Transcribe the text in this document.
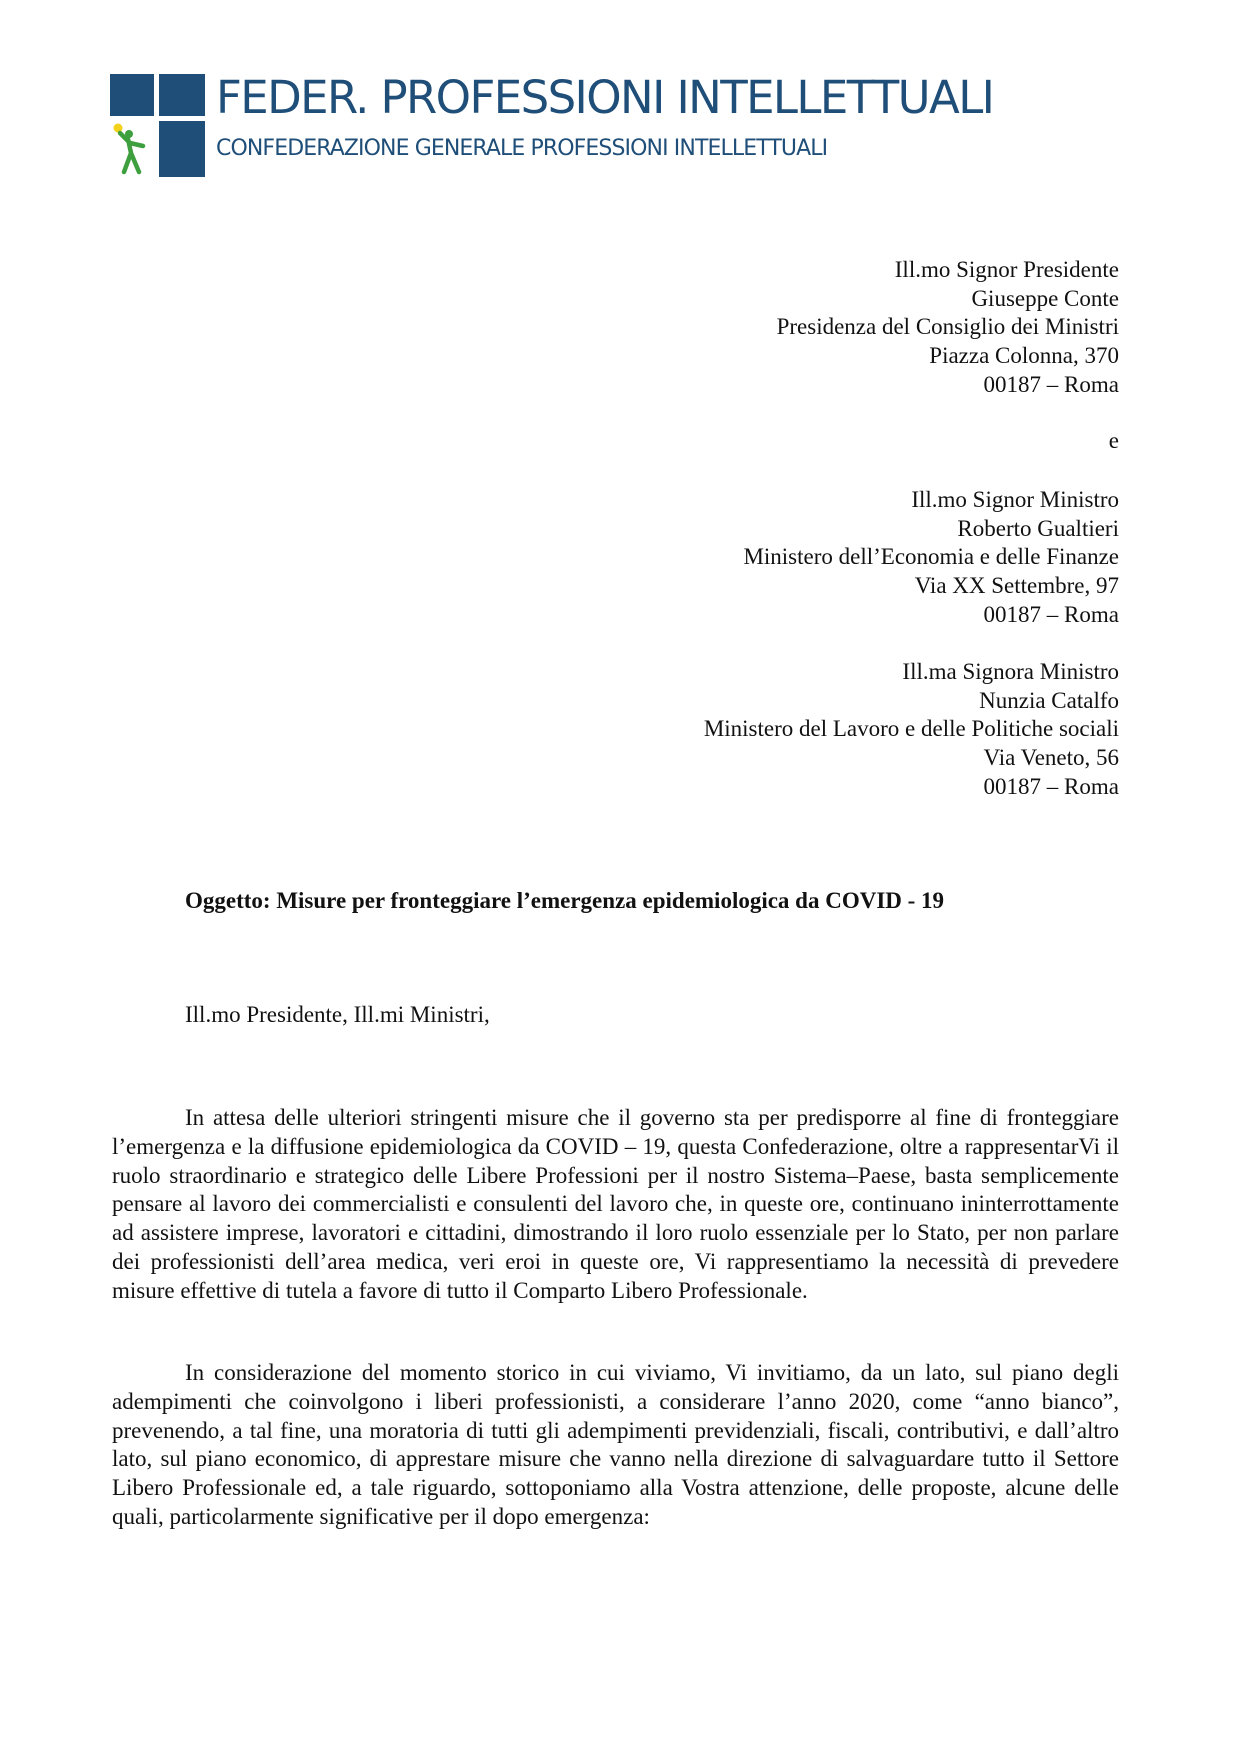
FEDER. PROFESSIONI INTELLETTUALI
CONFEDERAZIONE GENERALE PROFESSIONI INTELLETTUALI
Ill.mo Signor Presidente
Giuseppe Conte
Presidenza del Consiglio dei Ministri
Piazza Colonna, 370
00187 – Roma
e
Ill.mo Signor Ministro
Roberto Gualtieri
Ministero dell’Economia e delle Finanze
Via XX Settembre, 97
00187 – Roma
Ill.ma Signora Ministro
Nunzia Catalfo
Ministero del Lavoro e delle Politiche sociali
Via Veneto, 56
00187 – Roma
Oggetto: Misure per fronteggiare l’emergenza epidemiologica da COVID - 19
Ill.mo Presidente, Ill.mi Ministri,

In attesa delle ulteriori stringenti misure che il governo sta per predisporre al fine di fronteggiare l’emergenza e la diffusione epidemiologica da COVID – 19, questa Confederazione, oltre a rappresentarVi il ruolo straordinario e strategico delle Libere Professioni per il nostro Sistema–Paese, basta semplicemente pensare al lavoro dei commercialisti e consulenti del lavoro che, in queste ore, continuano ininterrottamente ad assistere imprese, lavoratori e cittadini, dimostrando il loro ruolo essenziale per lo Stato, per non parlare dei professionisti dell’area medica, veri eroi in queste ore, Vi rappresentiamo la necessità di prevedere misure effettive di tutela a favore di tutto il Comparto Libero Professionale.

In considerazione del momento storico in cui viviamo, Vi invitiamo, da un lato, sul piano degli adempimenti che coinvolgono i liberi professionisti, a considerare l’anno 2020, come “anno bianco”, prevenendo, a tal fine, una moratoria di tutti gli adempimenti previdenziali, fiscali, contributivi, e dall’altro lato, sul piano economico, di apprestare misure che vanno nella direzione di salvaguardare tutto il Settore Libero Professionale ed, a tale riguardo, sottoponiamo alla Vostra attenzione, delle proposte, alcune delle quali, particolarmente significative per il dopo emergenza:
